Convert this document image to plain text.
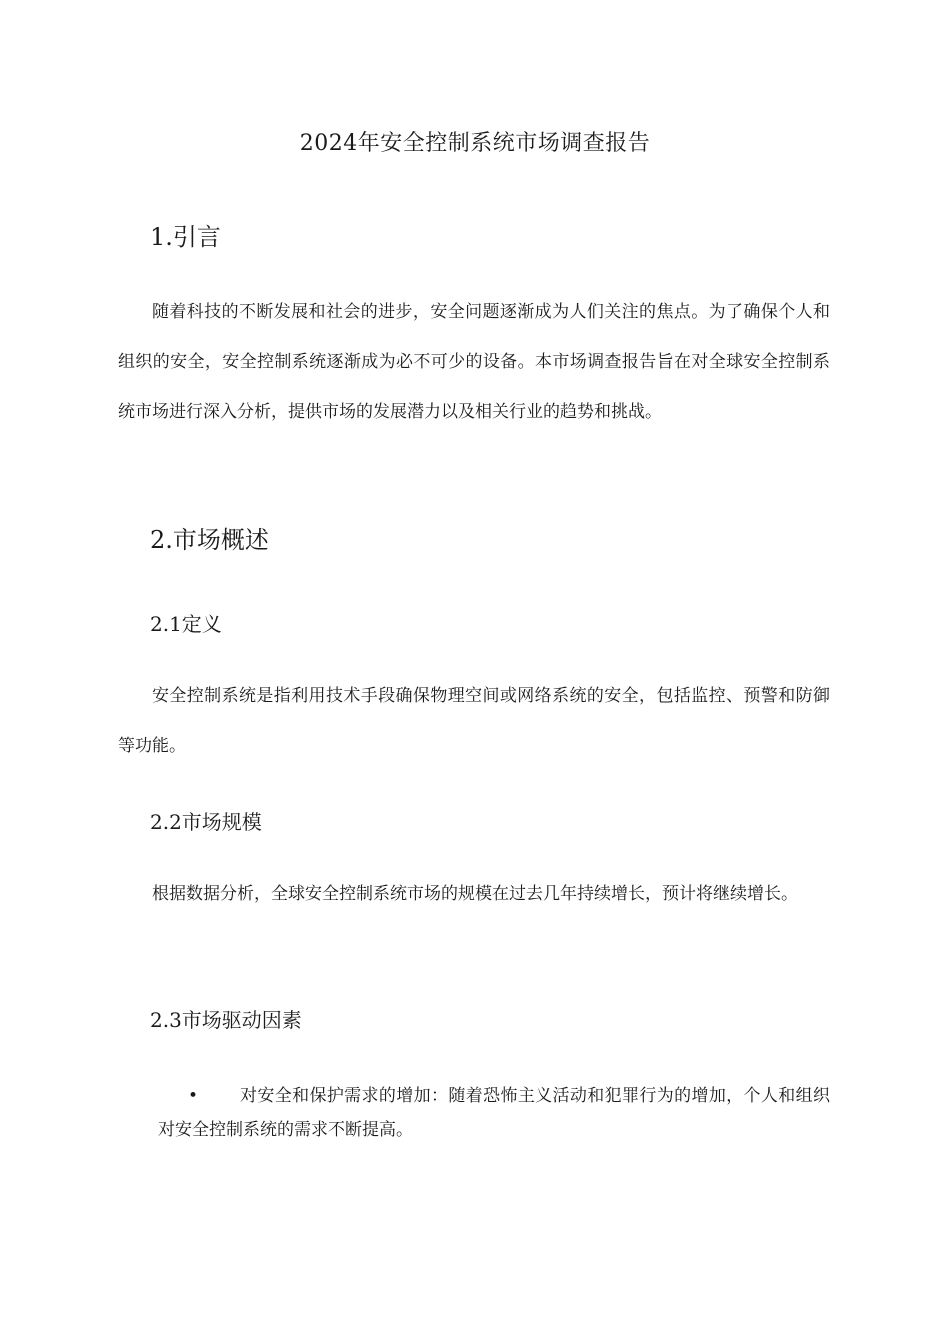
2024年安全控制系统市场调查报告
1.引言

随着科技的不断发展和社会的进步，安全问题逐渐成为人们关注的焦点。为了确保个人和组织的安全，安全控制系统逐渐成为必不可少的设备。本市场调查报告旨在对全球安全控制系统市场进行深入分析，提供市场的发展潜力以及相关行业的趋势和挑战。

2.市场概述
2.1定义

安全控制系统是指利用技术手段确保物理空间或网络系统的安全，包括监控、预警和防御等功能。

2.2市场规模

根据数据分析，全球安全控制系统市场的规模在过去几年持续增长，预计将继续增长。

2.3市场驱动因素
•	对安全和保护需求的增加：随着恐怖主义活动和犯罪行为的增加，个人和组织对安全控制系统的需求不断提高。
